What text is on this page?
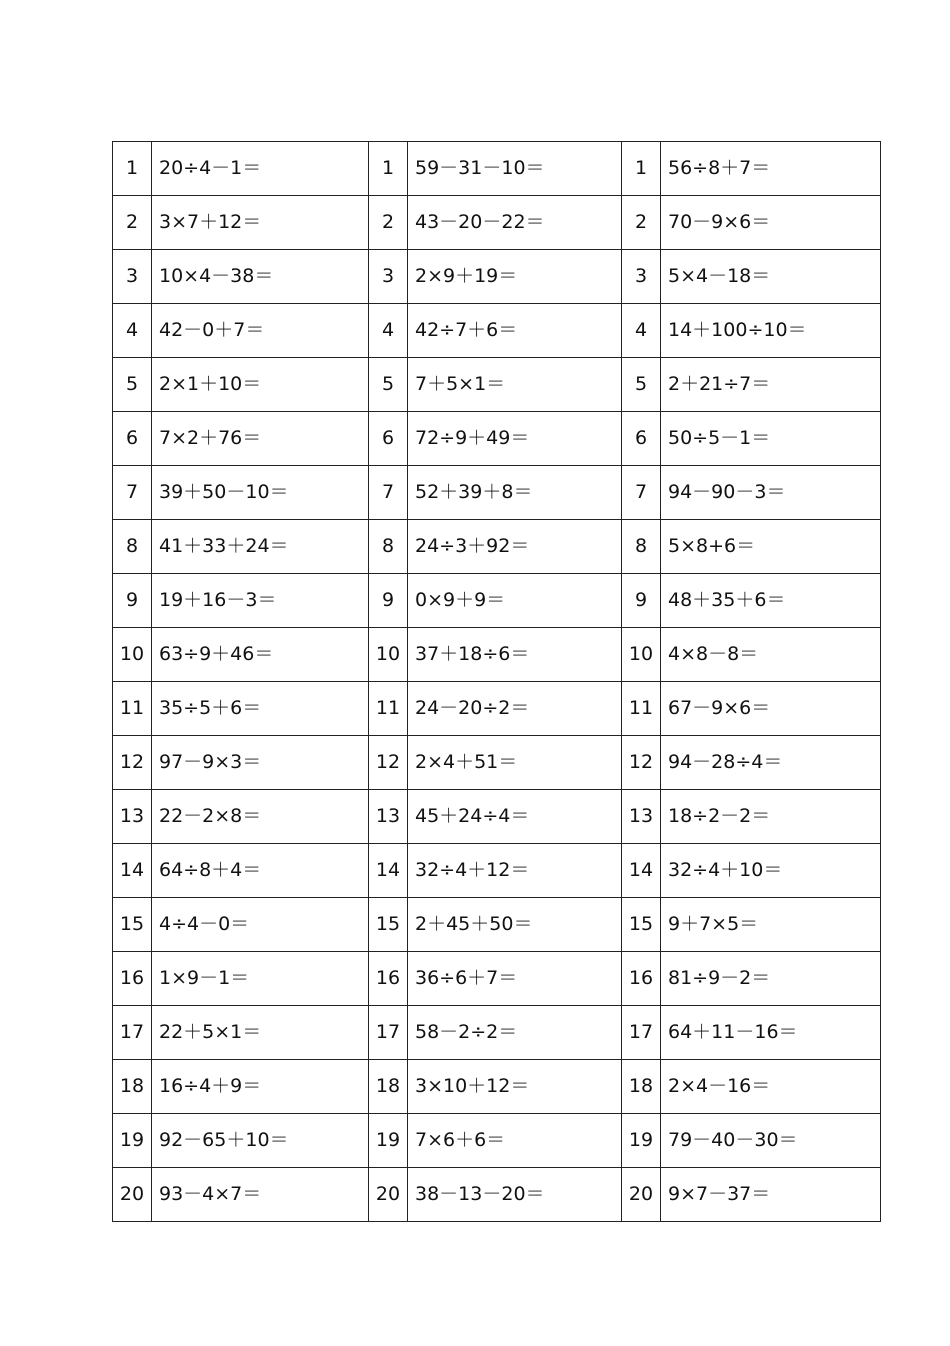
1	20÷4－1＝	1	59－31－10＝	1	56÷8＋7＝
2	3×7＋12＝	2	43－20－22＝	2	70－9×6＝
3	10×4－38＝	3	2×9＋19＝	3	5×4－18＝
4	42－0＋7＝	4	42÷7＋6＝	4	14＋100÷10＝
5	2×1＋10＝	5	7＋5×1＝	5	2＋21÷7＝
6	7×2＋76＝	6	72÷9＋49＝	6	50÷5－1＝
7	39＋50－10＝	7	52＋39＋8＝	7	94－90－3＝
8	41＋33＋24＝	8	24÷3＋92＝	8	5×8+6＝
9	19＋16－3＝	9	0×9＋9＝	9	48＋35＋6＝
10	63÷9＋46＝	10	37＋18÷6＝	10	4×8－8＝
11	35÷5＋6＝	11	24－20÷2＝	11	67－9×6＝
12	97－9×3＝	12	2×4＋51＝	12	94－28÷4＝
13	22－2×8＝	13	45＋24÷4＝	13	18÷2－2＝
14	64÷8＋4＝	14	32÷4＋12＝	14	32÷4＋10＝
15	4÷4－0＝	15	2＋45＋50＝	15	9＋7×5＝
16	1×9－1＝	16	36÷6＋7＝	16	81÷9－2＝
17	22＋5×1＝	17	58－2÷2＝	17	64＋11－16＝
18	16÷4＋9＝	18	3×10＋12＝	18	2×4－16＝
19	92－65＋10＝	19	7×6＋6＝	19	79－40－30＝
20	93－4×7＝	20	38－13－20＝	20	9×7－37＝
